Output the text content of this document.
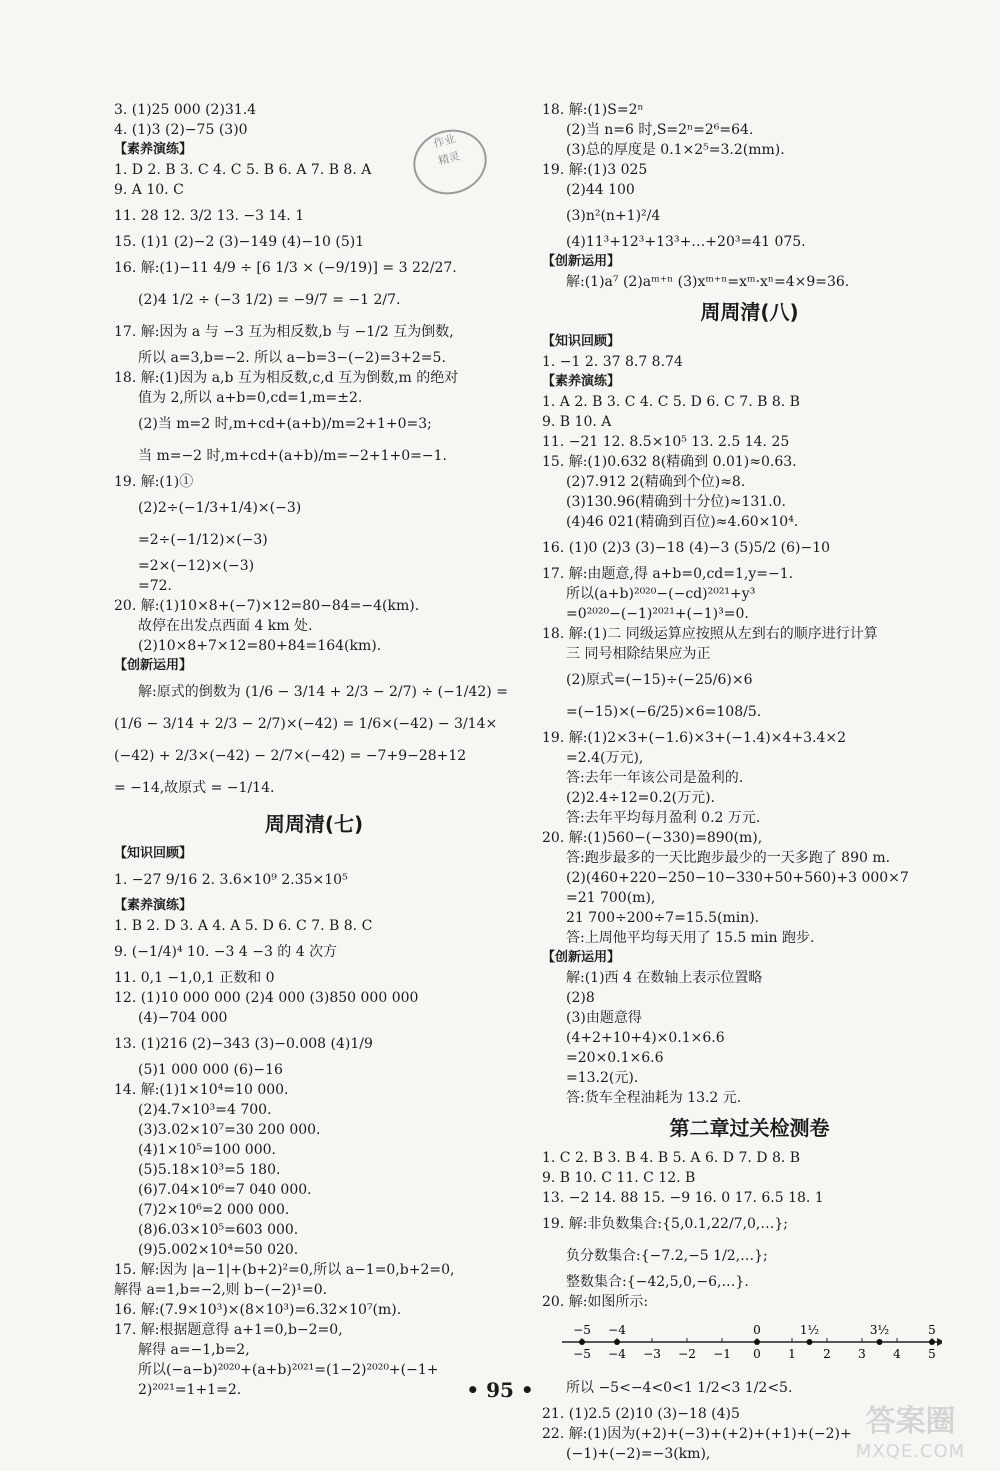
3. (1)25 000 (2)31.4
4. (1)3 (2)−75 (3)0
【素养演练】
1. D 2. B 3. C 4. C 5. B 6. A 7. B 8. A
9. A 10. C
11. 28 12. 3/2 13. −3 14. 1
15. (1)1 (2)−2 (3)−149 (4)−10 (5)1
16. 解:(1)−11 4/9 ÷ [6 1/3 × (−9/19)] = 3 22/27.
(2)4 1/2 ÷ (−3 1/2) = −9/7 = −1 2/7.
17. 解:因为 a 与 −3 互为相反数,b 与 −1/2 互为倒数,
所以 a=3,b=−2. 所以 a−b=3−(−2)=3+2=5.
18. 解:(1)因为 a,b 互为相反数,c,d 互为倒数,m 的绝对
值为 2,所以 a+b=0,cd=1,m=±2.
(2)当 m=2 时,m+cd+(a+b)/m=2+1+0=3;
当 m=−2 时,m+cd+(a+b)/m=−2+1+0=−1.
19. 解:(1)①
(2)2÷(−1/3+1/4)×(−3)
=2÷(−1/12)×(−3)
=2×(−12)×(−3)
=72.
20. 解:(1)10×8+(−7)×12=80−84=−4(km).
故停在出发点西面 4 km 处.
(2)10×8+7×12=80+84=164(km).
【创新运用】
解:原式的倒数为 (1/6 − 3/14 + 2/3 − 2/7) ÷ (−1/42) =
(1/6 − 3/14 + 2/3 − 2/7)×(−42) = 1/6×(−42) − 3/14×
(−42) + 2/3×(−42) − 2/7×(−42) = −7+9−28+12
= −14,故原式 = −1/14.
周周清(七)
【知识回顾】
1. −27 9/16 2. 3.6×10⁹ 2.35×10⁵
【素养演练】
1. B 2. D 3. A 4. A 5. D 6. C 7. B 8. C
9. (−1/4)⁴ 10. −3 4 −3 的 4 次方
11. 0,1 −1,0,1 正数和 0
12. (1)10 000 000 (2)4 000 (3)850 000 000
(4)−704 000
13. (1)216 (2)−343 (3)−0.008 (4)1/9
(5)1 000 000 (6)−16
14. 解:(1)1×10⁴=10 000.
(2)4.7×10³=4 700.
(3)3.02×10⁷=30 200 000.
(4)1×10⁵=100 000.
(5)5.18×10³=5 180.
(6)7.04×10⁶=7 040 000.
(7)2×10⁶=2 000 000.
(8)6.03×10⁵=603 000.
(9)5.002×10⁴=50 020.
15. 解:因为 |a−1|+(b+2)²=0,所以 a−1=0,b+2=0,
解得 a=1,b=−2,则 b−(−2)¹=0.
16. 解:(7.9×10³)×(8×10³)=6.32×10⁷(m).
17. 解:根据题意得 a+1=0,b−2=0,
解得 a=−1,b=2,
所以(−a−b)²⁰²⁰+(a+b)²⁰²¹=(1−2)²⁰²⁰+(−1+
2)²⁰²¹=1+1=2.
18. 解:(1)S=2ⁿ
(2)当 n=6 时,S=2ⁿ=2⁶=64.
(3)总的厚度是 0.1×2⁵=3.2(mm).
19. 解:(1)3 025
(2)44 100
(3)n²(n+1)²/4
(4)11³+12³+13³+…+20³=41 075.
【创新运用】
解:(1)a⁷ (2)aᵐ⁺ⁿ (3)xᵐ⁺ⁿ=xᵐ·xⁿ=4×9=36.
周周清(八)
【知识回顾】
1. −1 2. 37 8.7 8.74
【素养演练】
1. A 2. B 3. C 4. C 5. D 6. C 7. B 8. B
9. B 10. A
11. −21 12. 8.5×10⁵ 13. 2.5 14. 25
15. 解:(1)0.632 8(精确到 0.01)≈0.63.
(2)7.912 2(精确到个位)≈8.
(3)130.96(精确到十分位)≈131.0.
(4)46 021(精确到百位)≈4.60×10⁴.
16. (1)0 (2)3 (3)−18 (4)−3 (5)5/2 (6)−10
17. 解:由题意,得 a+b=0,cd=1,y=−1.
所以(a+b)²⁰²⁰−(−cd)²⁰²¹+y³
=0²⁰²⁰−(−1)²⁰²¹+(−1)³=0.
18. 解:(1)二 同级运算应按照从左到右的顺序进行计算
三 同号相除结果应为正
(2)原式=(−15)÷(−25/6)×6
=(−15)×(−6/25)×6=108/5.
19. 解:(1)2×3+(−1.6)×3+(−1.4)×4+3.4×2
=2.4(万元),
答:去年一年该公司是盈利的.
(2)2.4÷12=0.2(万元).
答:去年平均每月盈利 0.2 万元.
20. 解:(1)560−(−330)=890(m),
答:跑步最多的一天比跑步最少的一天多跑了 890 m.
(2)(460+220−250−10−330+50+560)+3 000×7
=21 700(m),
21 700÷200÷7=15.5(min).
答:上周他平均每天用了 15.5 min 跑步.
【创新运用】
解:(1)西 4 在数轴上表示位置略
(2)8
(3)由题意得
(4+2+10+4)×0.1×6.6
=20×0.1×6.6
=13.2(元).
答:货车全程油耗为 13.2 元.
第二章过关检测卷
1. C 2. B 3. B 4. B 5. A 6. D 7. D 8. B
9. B 10. C 11. C 12. B
13. −2 14. 88 15. −9 16. 0 17. 6.5 18. 1
19. 解:非负数集合:{5,0.1,22/7,0,…};
负分数集合:{−7.2,−5 1/2,…};
整数集合:{−42,5,0,−6,…}.
20. 解:如图所示:
−5 −4 −3 −2 −1 0 1 2 3 4 5
−5 −4	0	1½	3½	5
所以 −5<−4<0<1 1/2<3 1/2<5.
21. (1)2.5 (2)10 (3)−18 (4)5
22. 解:(1)因为(+2)+(−3)+(+2)+(+1)+(−2)+
(−1)+(−2)=−3(km),
作业
精灵
• 95 •
答案圈
MXQE.COM
